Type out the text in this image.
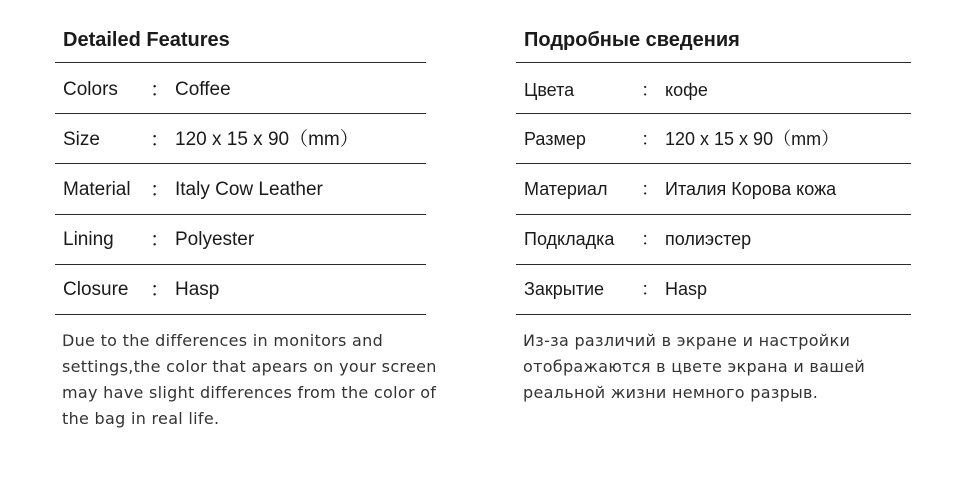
Detailed Features
Colors ： Coffee
Size	： 120 x 15 x 90（mm）
Material ： Italy Cow Leather
Lining ： Polyester
Closure ： Hasp

Due to the differences in monitors and settings,the color that apears on your screen may have slight differences from the color of the bag in real life.

Подробные сведения
Цвета	： кофе
Размер	： 120 x 15 x 90（mm）
Материал ： Италия Корова кожа
Подкладка ： полиэстер
Закрытие ： Hasp

Из-за различий в экране и настройки отображаются в цвете экрана и вашей реальной жизни немного разрыв.
